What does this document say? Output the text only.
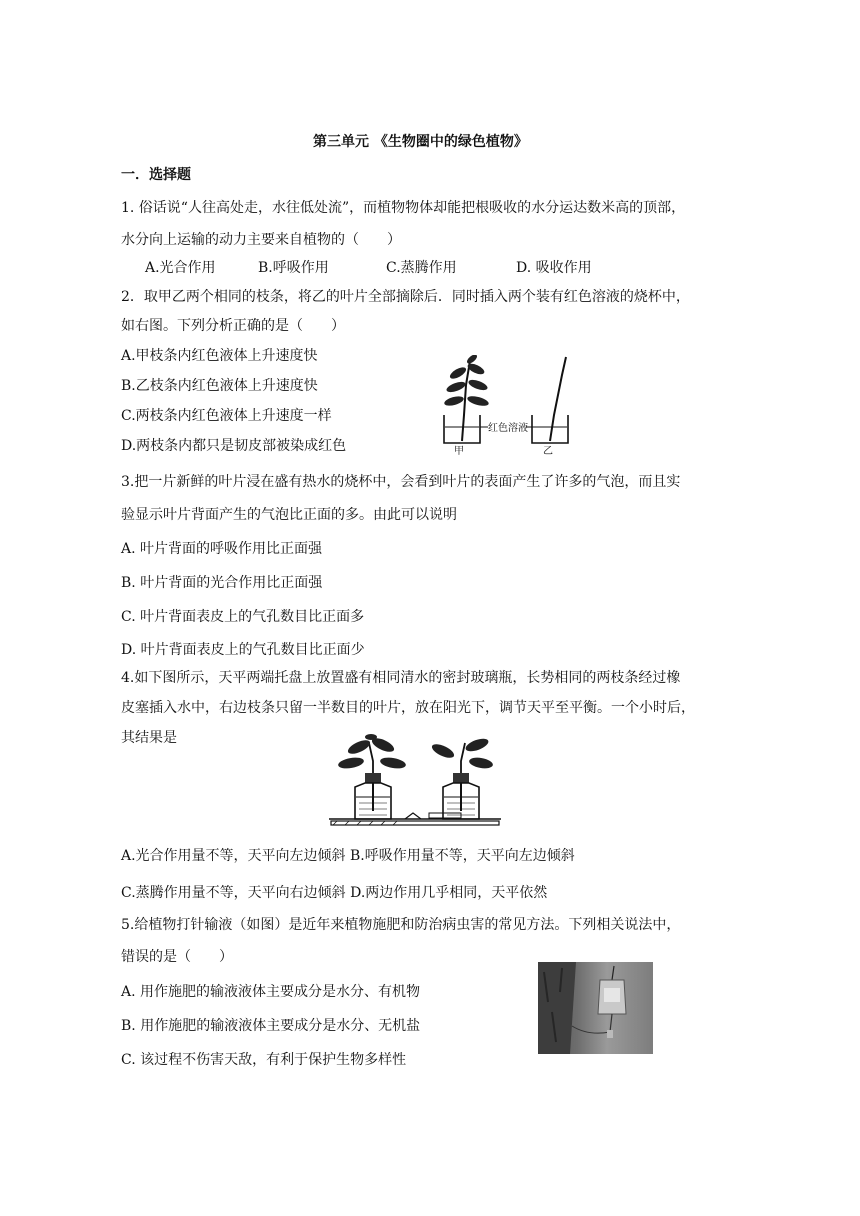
第三单元 《生物圈中的绿色植物》
一．选择题
1. 俗话说“人往高处走，水往低处流”，而植物物体却能把根吸收的水分运达数米高的顶部，
水分向上运输的动力主要来自植物的（　　）
A.光合作用	B.呼吸作用	C.蒸腾作用	D. 吸收作用
2．取甲乙两个相同的枝条，将乙的叶片全部摘除后．同时插入两个装有红色溶液的烧杯中，
如右图。下列分析正确的是（　　）
A.甲枝条内红色液体上升速度快
B.乙枝条内红色液体上升速度快
C.两枝条内红色液体上升速度一样
D.两枝条内都只是韧皮部被染成红色
红色溶液
甲	乙
3.把一片新鲜的叶片浸在盛有热水的烧杯中，会看到叶片的表面产生了许多的气泡，而且实
验显示叶片背面产生的气泡比正面的多。由此可以说明
A. 叶片背面的呼吸作用比正面强
B. 叶片背面的光合作用比正面强
C. 叶片背面表皮上的气孔数目比正面多
D. 叶片背面表皮上的气孔数目比正面少
4.如下图所示，天平两端托盘上放置盛有相同清水的密封玻璃瓶，长势相同的两枝条经过橡
皮塞插入水中，右边枝条只留一半数目的叶片，放在阳光下，调节天平至平衡。一个小时后，
其结果是
A.光合作用量不等，天平向左边倾斜 B.呼吸作用量不等，天平向左边倾斜
C.蒸腾作用量不等，天平向右边倾斜 D.两边作用几乎相同，天平依然
5.给植物打针输液（如图）是近年来植物施肥和防治病虫害的常见方法。下列相关说法中，
错误的是（　　）
A. 用作施肥的输液液体主要成分是水分、有机物
B. 用作施肥的输液液体主要成分是水分、无机盐
C. 该过程不伤害天敌，有利于保护生物多样性
